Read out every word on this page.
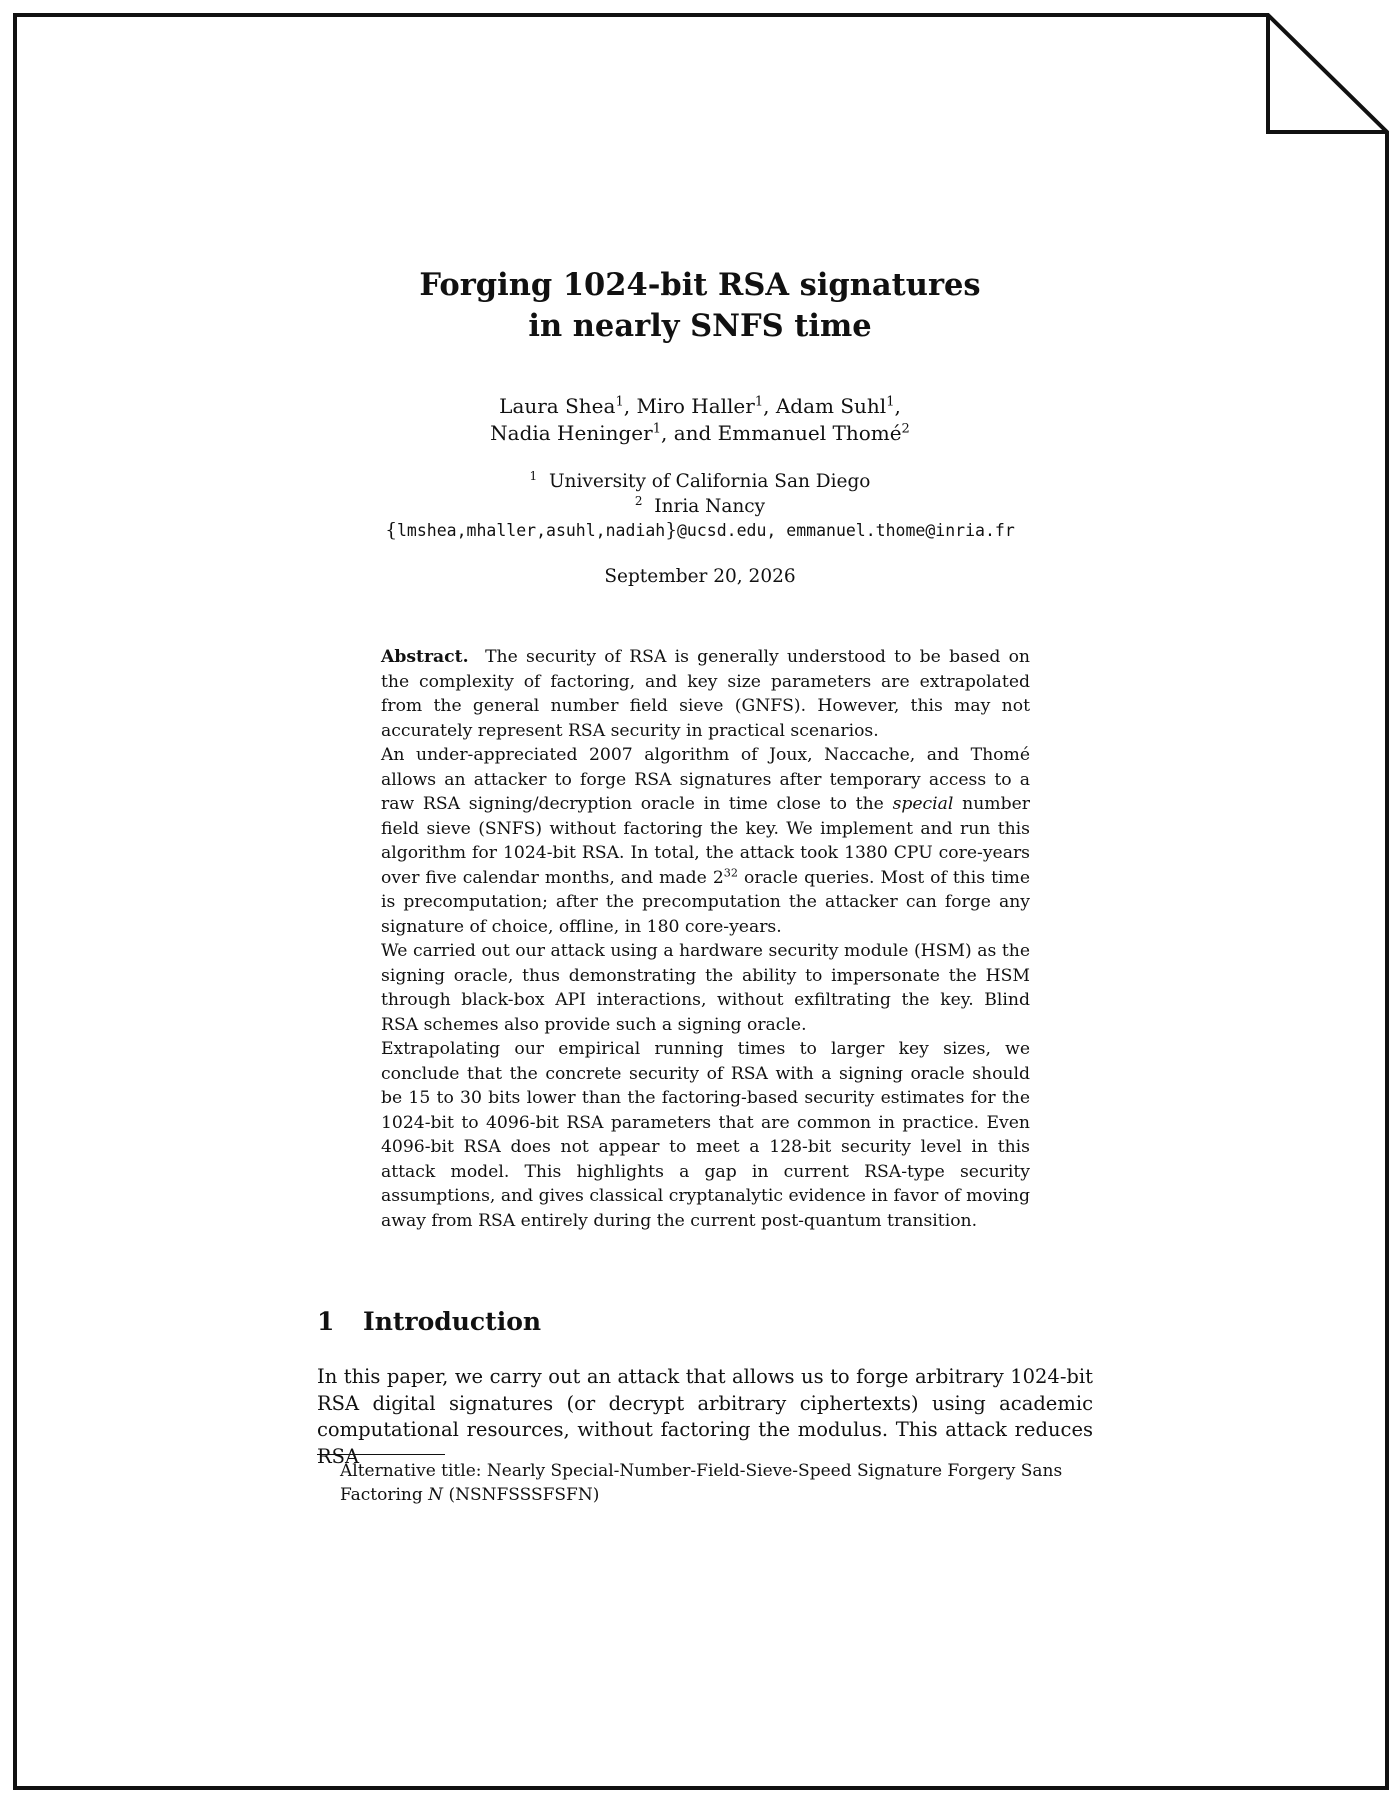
Forging 1024-bit RSA signatures
in nearly SNFS time
Laura Shea$^1$, Miro Haller$^1$, Adam Suhl$^1$,
Nadia Heninger$^1$, and Emmanuel Thomé$^2$
$^1$ University of California San Diego
$^2$ Inria Nancy
{lmshea,mhaller,asuhl,nadiah}@ucsd.edu, emmanuel.thome@inria.fr
September 20, 2026

Abstract. The security of RSA is generally understood to be based on the complexity of factoring, and key size parameters are extrapolated from the general number field sieve (GNFS). However, this may not accurately represent RSA security in practical scenarios.

An under-appreciated 2007 algorithm of Joux, Naccache, and Thomé allows an attacker to forge RSA signatures after temporary access to a raw RSA signing/decryption oracle in time close to the special number field sieve (SNFS) without factoring the key. We implement and run this algorithm for 1024-bit RSA. In total, the attack took 1380 CPU core-years over five calendar months, and made $2^{32}$ oracle queries. Most of this time is precomputation; after the precomputation the attacker can forge any signature of choice, offline, in 180 core-years.

We carried out our attack using a hardware security module (HSM) as the signing oracle, thus demonstrating the ability to impersonate the HSM through black-box API interactions, without exfiltrating the key. Blind RSA schemes also provide such a signing oracle.

Extrapolating our empirical running times to larger key sizes, we conclude that the concrete security of RSA with a signing oracle should be 15 to 30 bits lower than the factoring-based security estimates for the 1024-bit to 4096-bit RSA parameters that are common in practice. Even 4096-bit RSA does not appear to meet a 128-bit security level in this attack model. This highlights a gap in current RSA-type security assumptions, and gives classical cryptanalytic evidence in favor of moving away from RSA entirely during the current post-quantum transition.

1 Introduction

In this paper, we carry out an attack that allows us to forge arbitrary 1024-bit RSA digital signatures (or decrypt arbitrary ciphertexts) using academic computational resources, without factoring the modulus. This attack reduces RSA

Alternative title: Nearly Special-Number-Field-Sieve-Speed Signature Forgery Sans Factoring N (NSNFSSSFSFN)
